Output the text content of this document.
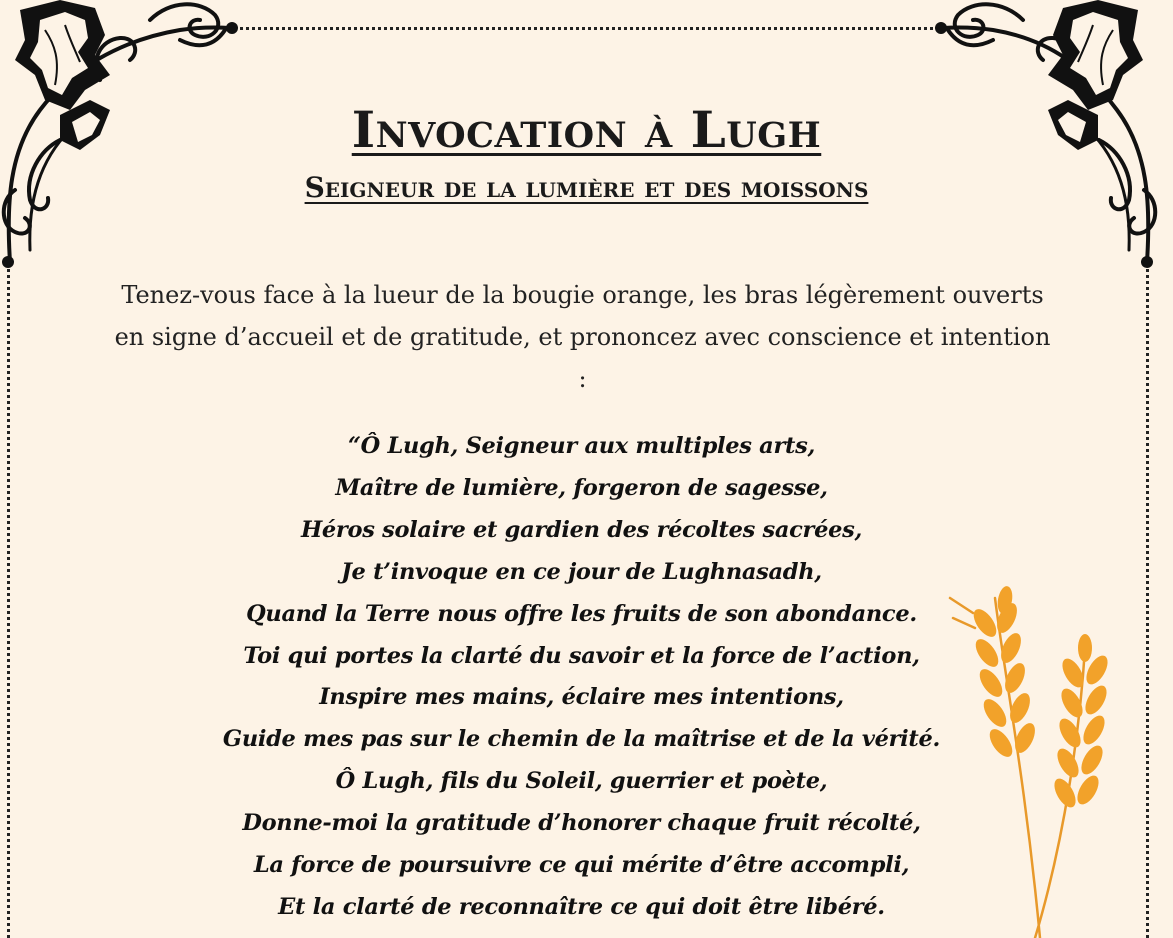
Invocation à Lugh
Seigneur de la lumière et des moissons
Tenez-vous face à la lueur de la bougie orange, les bras légèrement ouverts en signe d’accueil et de gratitude, et prononcez avec conscience et intention :
“Ô Lugh, Seigneur aux multiples arts,
Maître de lumière, forgeron de sagesse,
Héros solaire et gardien des récoltes sacrées,
Je t’invoque en ce jour de Lughnasadh,
Quand la Terre nous offre les fruits de son abondance.
Toi qui portes la clarté du savoir et la force de l’action,
Inspire mes mains, éclaire mes intentions,
Guide mes pas sur le chemin de la maîtrise et de la vérité.
Ô Lugh, fils du Soleil, guerrier et poète,
Donne-moi la gratitude d’honorer chaque fruit récolté,
La force de poursuivre ce qui mérite d’être accompli,
Et la clarté de reconnaître ce qui doit être libéré.
